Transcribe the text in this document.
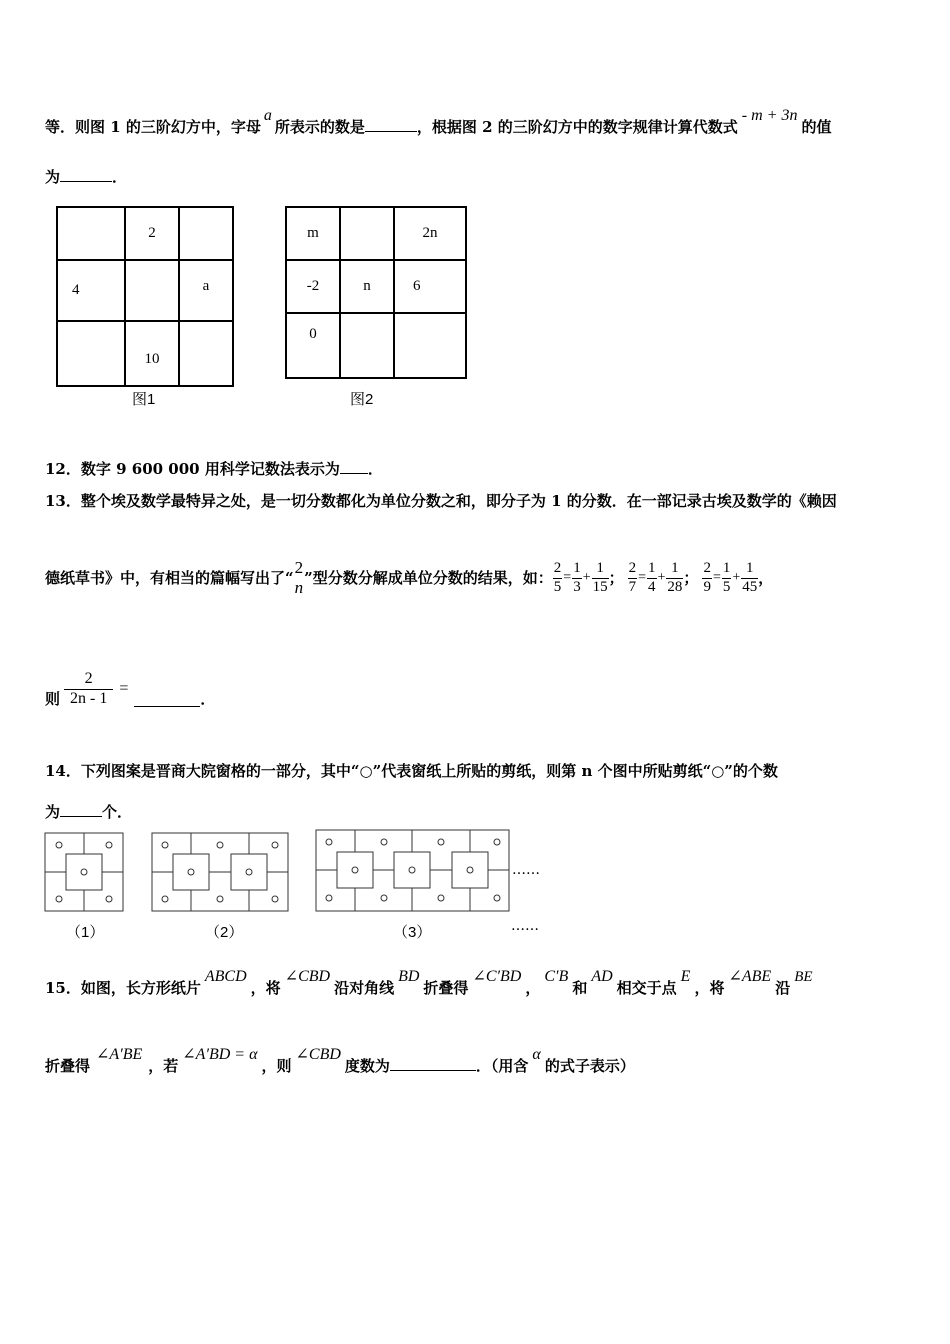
等．则图 1 的三阶幻方中，字母a所表示的数是	，根据图 2 的三阶幻方中的数字规律计算代数式- m + 3n的值
为	．
	2	
4		a
	10	
图1
m		2n
-2	n	6
0		
图2
12．数字 9 600 000 用科学记数法表示为 ．
13．整个埃及数学最特异之处，是一切分数都化为单位分数之和，即分子为 1 的分数．在一部记录古埃及数学的《赖因
德纸草书》中，有相当的篇幅写出了“
2
n
”型分数分解成单位分数的结果，如： $\frac{2}{5} = \frac{1}{3} + \frac{1}{15}$ ； $\frac{2}{7} = \frac{1}{4} + \frac{1}{28}$ ； $\frac{2}{9} = \frac{1}{5} + \frac{1}{45}$ ，
则 $\frac{2}{2n - 1}$ =
．
14．下列图案是晋商大院窗格的一部分，其中“○”代表窗纸上所贴的剪纸，则第 n 个图中所贴剪纸“○”的个数
为	个．
（1）	（2）	（3）
……
……
15．如图，长方形纸片ABCD，将∠CBD沿对角线BD折叠得∠C′BD，C′B和AD相交于点E，将∠ABE沿BE
折叠得∠A′BE，若∠A′BD = α，则∠CBD度数为	．（用含α的式子表示）
